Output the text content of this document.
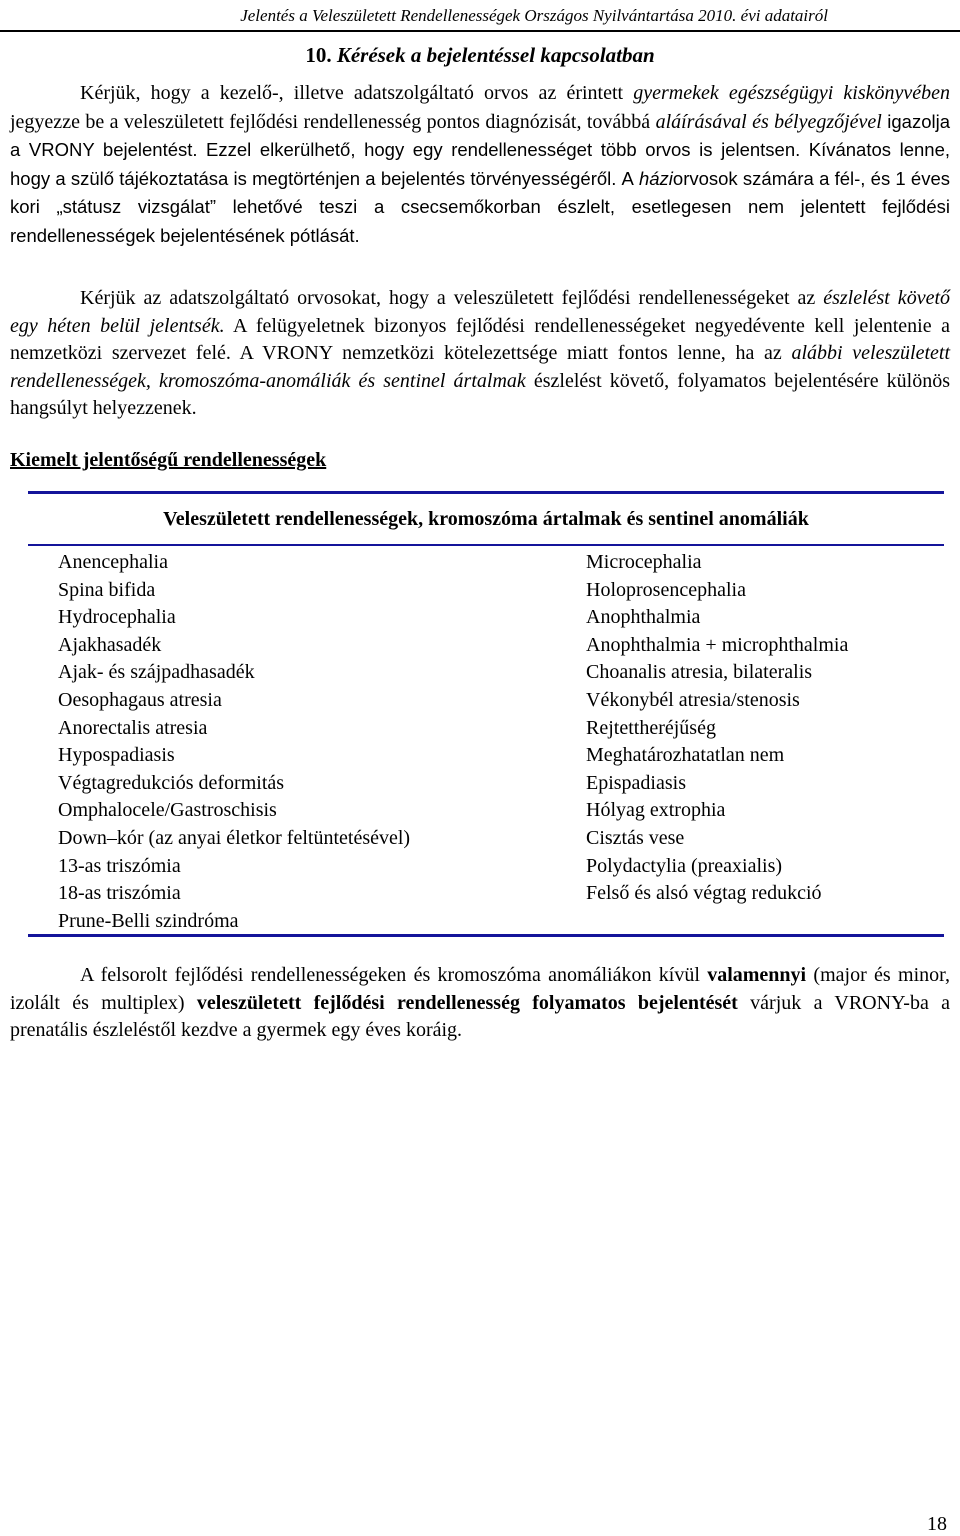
Jelentés a Veleszületett Rendellenességek Országos Nyilvántartása 2010. évi adatairól
10. Kérések a bejelentéssel kapcsolatban

Kérjük, hogy a kezelő-, illetve adatszolgáltató orvos az érintett gyermekek egészségügyi kiskönyvében jegyezze be a veleszületett fejlődési rendellenesség pontos diagnózisát, továbbá aláírásával és bélyegzőjével igazolja a VRONY bejelentést. Ezzel elkerülhető, hogy egy rendellenességet több orvos is jelentsen. Kívánatos lenne, hogy a szülő tájékoztatása is megtörténjen a bejelentés törvényességéről. A háziorvosok számára a fél-, és 1 éves kori „státusz vizsgálat” lehetővé teszi a csecsemőkorban észlelt, esetlegesen nem jelentett fejlődési rendellenességek bejelentésének pótlását.

Kérjük az adatszolgáltató orvosokat, hogy a veleszületett fejlődési rendellenességeket az észlelést követő egy héten belül jelentsék. A felügyeletnek bizonyos fejlődési rendellenességeket negyedévente kell jelentenie a nemzetközi szervezet felé. A VRONY nemzetközi kötelezettsége miatt fontos lenne, ha az alábbi veleszületett rendellenességek, kromoszóma-anomáliák és sentinel ártalmak észlelést követő, folyamatos bejelentésére különös hangsúlyt helyezzenek.

Kiemelt jelentőségű rendellenességek
Veleszületett rendellenességek, kromoszóma ártalmak és sentinel anomáliák
Anencephalia
Spina bifida
Hydrocephalia
Ajakhasadék
Ajak- és szájpadhasadék
Oesophagaus atresia
Anorectalis atresia
Hypospadiasis
Végtagredukciós deformitás
Omphalocele/Gastroschisis
Down–kór (az anyai életkor feltüntetésével)
13-as triszómia
18-as triszómia
Prune-Belli szindróma
Microcephalia
Holoprosencephalia
Anophthalmia
Anophthalmia + microphthalmia
Choanalis atresia, bilateralis
Vékonybél atresia/stenosis
Rejtettheréjűség
Meghatározhatatlan nem
Epispadiasis
Hólyag extrophia
Cisztás vese
Polydactylia (preaxialis)
Felső és alsó végtag redukció

A felsorolt fejlődési rendellenességeken és kromoszóma anomáliákon kívül valamennyi (major és minor, izolált és multiplex) veleszületett fejlődési rendellenesség folyamatos bejelentését várjuk a VRONY-ba a prenatális észleléstől kezdve a gyermek egy éves koráig.

18
